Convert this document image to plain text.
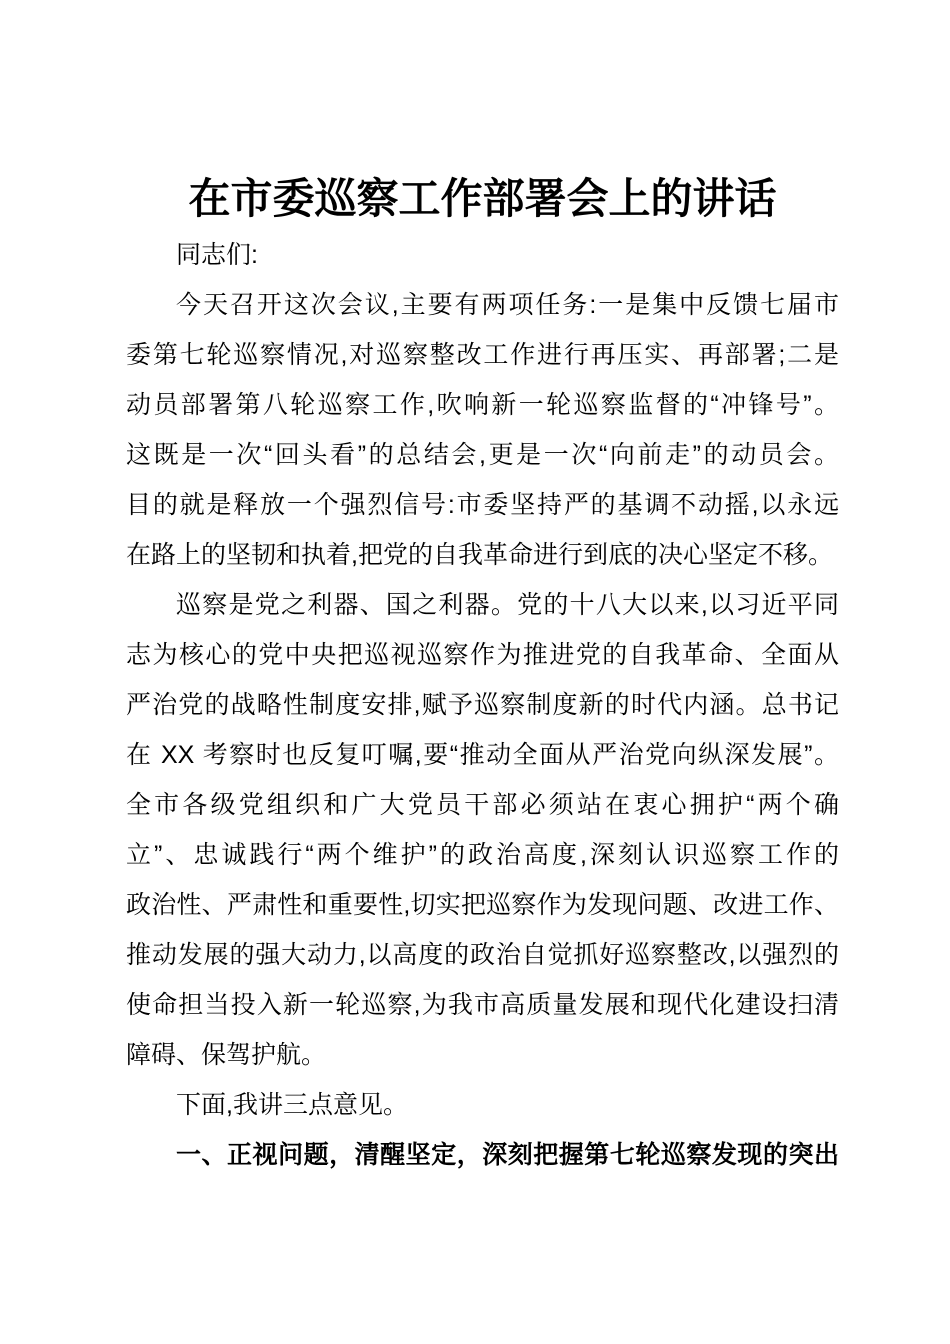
在市委巡察工作部署会上的讲话
同志们:
今天召开这次会议,主要有两项任务:一是集中反馈七届市
委第七轮巡察情况,对巡察整改工作进行再压实、再部署;二是
动员部署第八轮巡察工作,吹响新一轮巡察监督的“冲锋号”。
这既是一次“回头看”的总结会,更是一次“向前走”的动员会。
目的就是释放一个强烈信号:市委坚持严的基调不动摇,以永远
在路上的坚韧和执着,把党的自我革命进行到底的决心坚定不移。
巡察是党之利器、国之利器。党的十八大以来,以习近平同
志为核心的党中央把巡视巡察作为推进党的自我革命、全面从
严治党的战略性制度安排,赋予巡察制度新的时代内涵。总书记
在 XX 考察时也反复叮嘱,要“推动全面从严治党向纵深发展”。
全市各级党组织和广大党员干部必须站在衷心拥护“两个确
立”、忠诚践行“两个维护”的政治高度,深刻认识巡察工作的
政治性、严肃性和重要性,切实把巡察作为发现问题、改进工作、
推动发展的强大动力,以高度的政治自觉抓好巡察整改,以强烈的
使命担当投入新一轮巡察,为我市高质量发展和现代化建设扫清
障碍、保驾护航。
下面,我讲三点意见。
一、正视问题，清醒坚定，深刻把握第七轮巡察发现的突出
